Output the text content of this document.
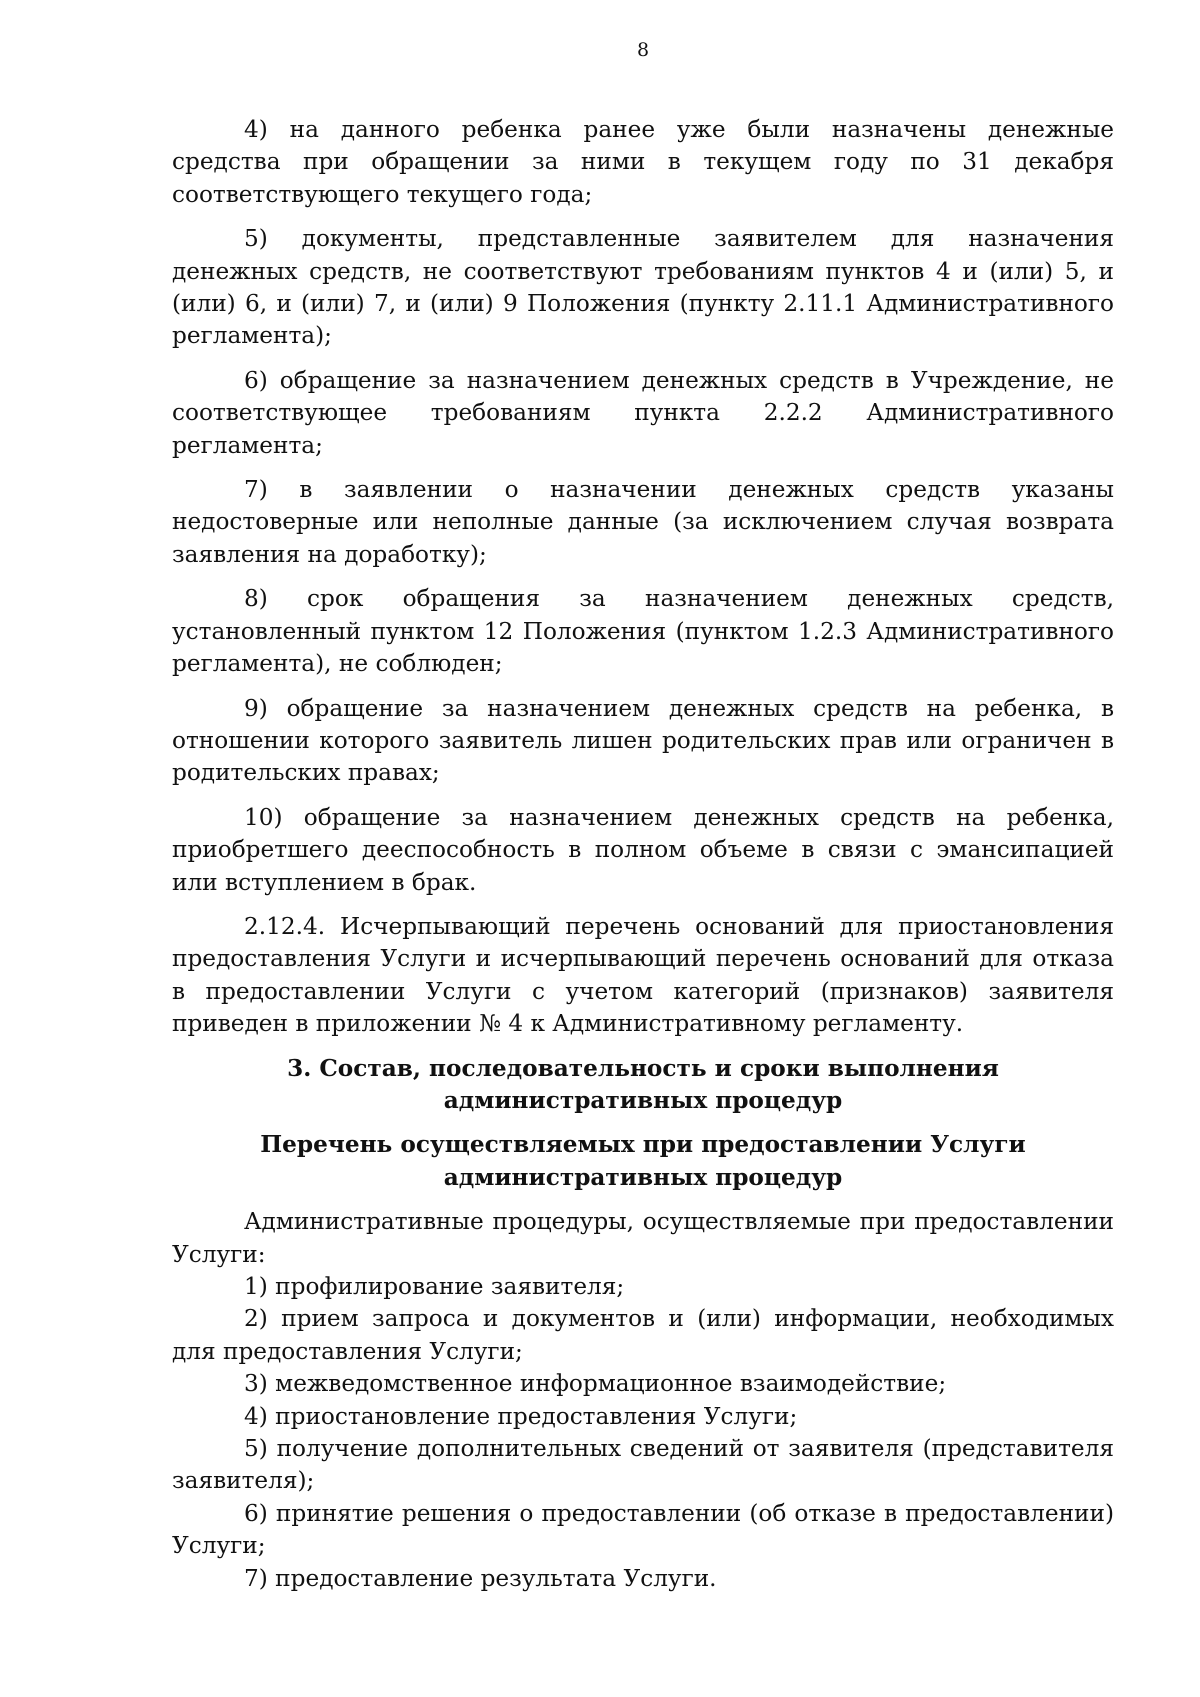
8

4) на данного ребенка ранее уже были назначены денежные средства при обращении за ними в текущем году по 31 декабря соответствующего текущего года;

5) документы, представленные заявителем для назначения денежных средств, не соответствуют требованиям пунктов 4 и (или) 5, и (или) 6, и (или) 7, и (или) 9 Положения (пункту 2.11.1 Административного регламента);

6) обращение за назначением денежных средств в Учреждение, не соответствующее требованиям пункта 2.2.2 Административного регламента;

7) в заявлении о назначении денежных средств указаны недостоверные или неполные данные (за исключением случая возврата заявления на доработку);

8) срок обращения за назначением денежных средств, установленный пунктом 12 Положения (пунктом 1.2.3 Административного регламента), не соблюден;

9) обращение за назначением денежных средств на ребенка, в отношении которого заявитель лишен родительских прав или ограничен в родительских правах;

10) обращение за назначением денежных средств на ребенка, приобретшего дееспособность в полном объеме в связи с эмансипацией или вступлением в брак.

2.12.4. Исчерпывающий перечень оснований для приостановления предоставления Услуги и исчерпывающий перечень оснований для отказа в предоставлении Услуги с учетом категорий (признаков) заявителя приведен в приложении № 4 к Административному регламенту.

3. Состав, последовательность и сроки выполнения административных процедур
Перечень осуществляемых при предоставлении Услуги административных процедур

Административные процедуры, осуществляемые при предоставлении Услуги:

1) профилирование заявителя;

2) прием запроса и документов и (или) информации, необходимых для предоставления Услуги;

3) межведомственное информационное взаимодействие;

4) приостановление предоставления Услуги;

5) получение дополнительных сведений от заявителя (представителя заявителя);

6) принятие решения о предоставлении (об отказе в предоставлении) Услуги;

7) предоставление результата Услуги.
